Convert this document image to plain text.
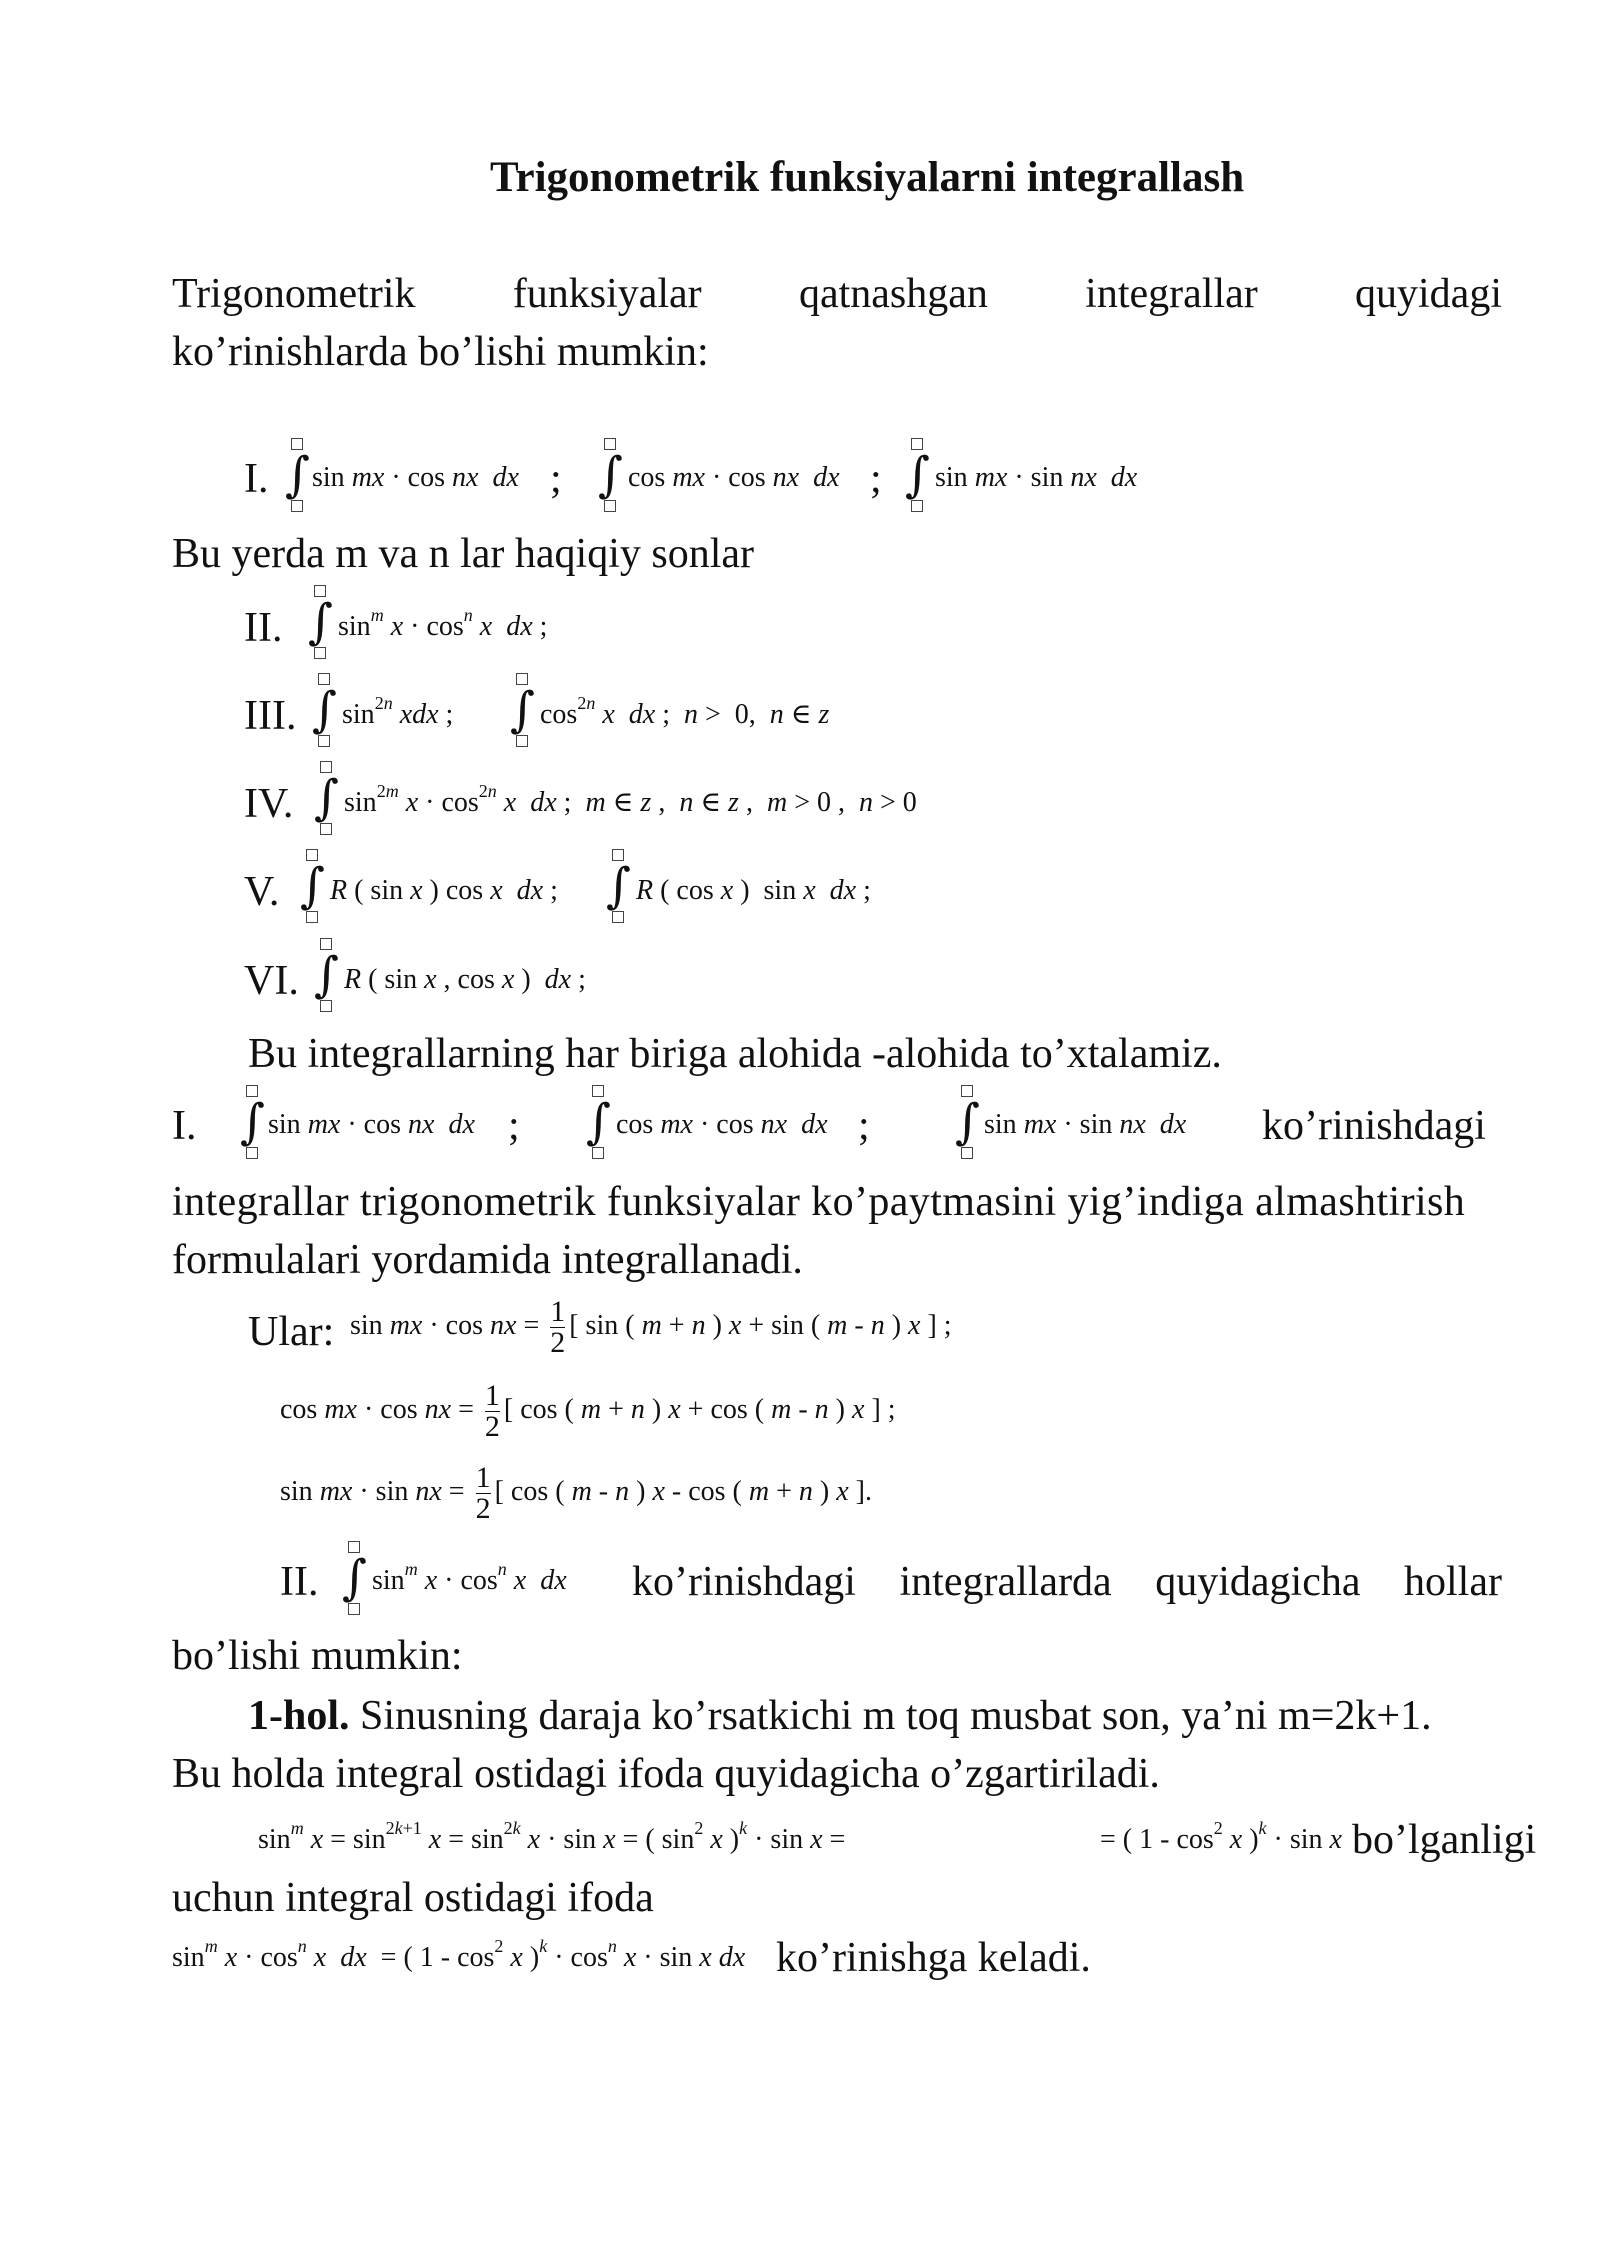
Trigonometrik funksiyalarni integrallash
Trigonometrik funksiyalar qatnashgan integrallar quyidagi
ko’rinishlarda bo’lishi mumkin:
I. ∫ sin mx · cos nx dx ; ∫ cos mx · cos nx dx ; ∫ sin mx · sin nx dx
Bu yerda m va n lar haqiqiy sonlar
II. ∫ $\sin^m x \cdot \cos^n x$ dx ;
III. ∫ $\sin^{2n}$ xdx ; ∫ $\cos^{2n} x$ dx ;  n >  0,  n ∈ z
IV. ∫ $\sin^{2m} x \cdot \cos^{2n} x$ dx ;  m ∈ z ,  n ∈ z ,  m > 0 ,  n > 0
V. ∫ R ( sin x ) cos x dx ; ∫ R ( cos x )  sin x dx ;
VI. ∫ R ( sin x , cos x )  dx ;
Bu integrallarning har biriga alohida -alohida to’xtalamiz.
I. ∫ sin mx · cos nx dx ; ∫ cos mx · cos nx dx ; ∫ sin mx · sin nx dx ko’rinishdagi
integrallar trigonometrik funksiyalar ko’paytmasini yig’indiga almashtirish
formulalari yordamida integrallanadi.
Ular: sin mx · cos nx = $\frac{1}{2}$ [ sin ( m + n ) x + sin ( m - n ) x ] ;
cos mx · cos nx = $\frac{1}{2}$ [ cos ( m + n ) x + cos ( m - n ) x ] ;
sin mx · sin nx = $\frac{1}{2}$ [ cos ( m - n ) x - cos ( m + n ) x ].
II. ∫ $\sin^m x \cdot \cos^n x$ dx ko’rinishdagi integrallarda quyidagicha hollar
bo’lishi mumkin:
1-hol. Sinusning daraja ko’rsatkichi m toq musbat son, ya’ni m=2k+1.
Bu holda integral ostidagi ifoda quyidagicha o’zgartiriladi.
$\sin^m x = \sin^{2k+1} x = \sin^{2k} x \cdot \sin x$ = ( $\sin^2 x$ )$^k$ · sin x =	= ( $1 - \cos^2 x$ )$^k$ · sin x bo’lganligi
uchun integral ostidagi ifoda
$\sin^m x \cdot \cos^n x$ dx  = ( $1 - \cos^2 x$ )$^k \cdot \cos^n x \cdot \sin x$ dx ko’rinishga keladi.
